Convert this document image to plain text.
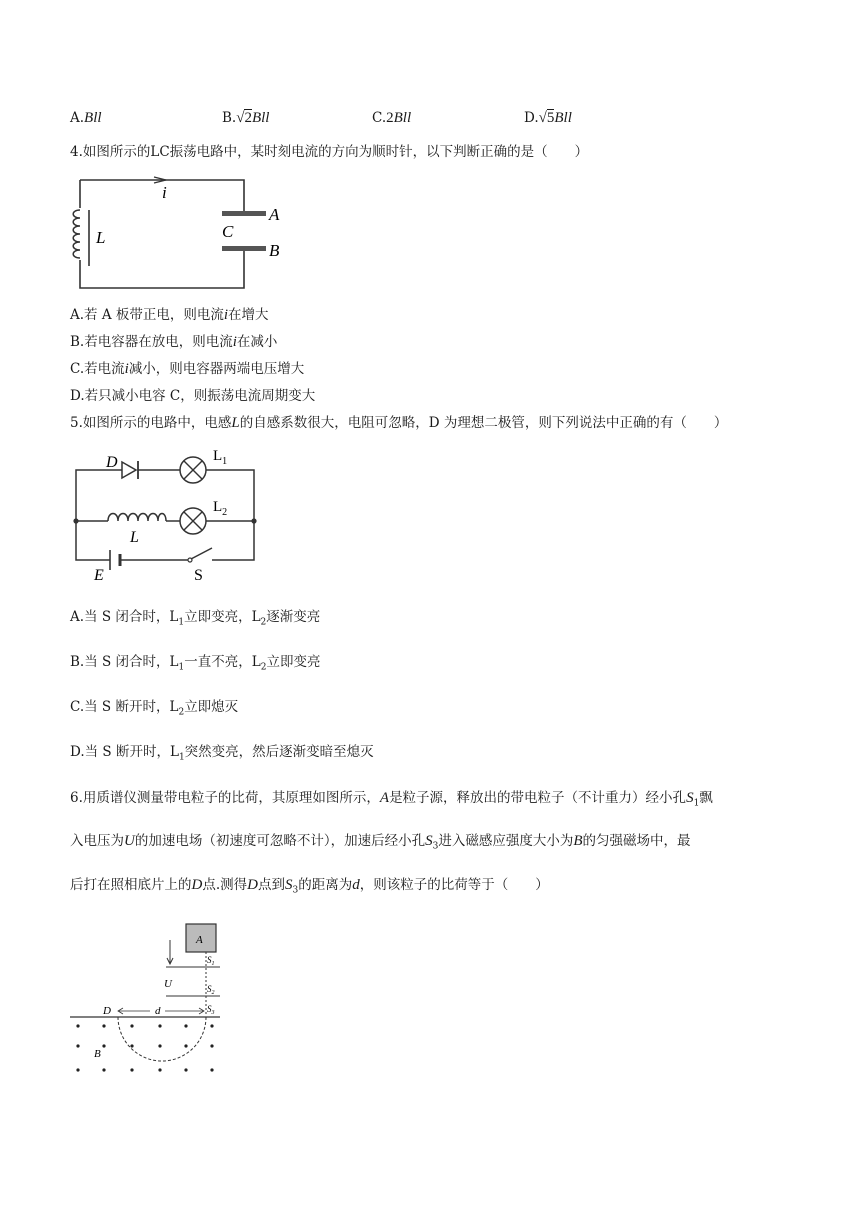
A.Bll	B.√2Bll	C.2Bll	D.√5Bll
4.如图所示的LC振荡电路中，某时刻电流的方向为顺时针，以下判断正确的是（　　）
i
L	C
A
B
A.若 A 板带正电，则电流i在增大
B.若电容器在放电，则电流i在减小
C.若电流i减小，则电容器两端电压增大
D.若只减小电容 C，则振荡电流周期变大
5.如图所示的电路中，电感L的自感系数很大，电阻可忽略，D 为理想二极管，则下列说法中正确的有（　　）
D	$L_1$
$L_2$
L
E	S
A.当 S 闭合时，$L_1$立即变亮，$L_2$逐渐变亮
B.当 S 闭合时，$L_1$一直不亮，$L_2$立即变亮
C.当 S 断开时，$L_2$立即熄灭
D.当 S 断开时，$L_1$突然变亮，然后逐渐变暗至熄灭
6.用质谱仪测量带电粒子的比荷，其原理如图所示，A是粒子源，释放出的带电粒子（不计重力）经小孔$S_1$飘
入电压为U的加速电场（初速度可忽略不计），加速后经小孔$S_3$进入磁感应强度大小为B的匀强磁场中，最
后打在照相底片上的D点.测得D点到$S_3$的距离为d，则该粒子的比荷等于（　　）
A
U
$S_1$
$S_2$
$S_3$
D	d
B
